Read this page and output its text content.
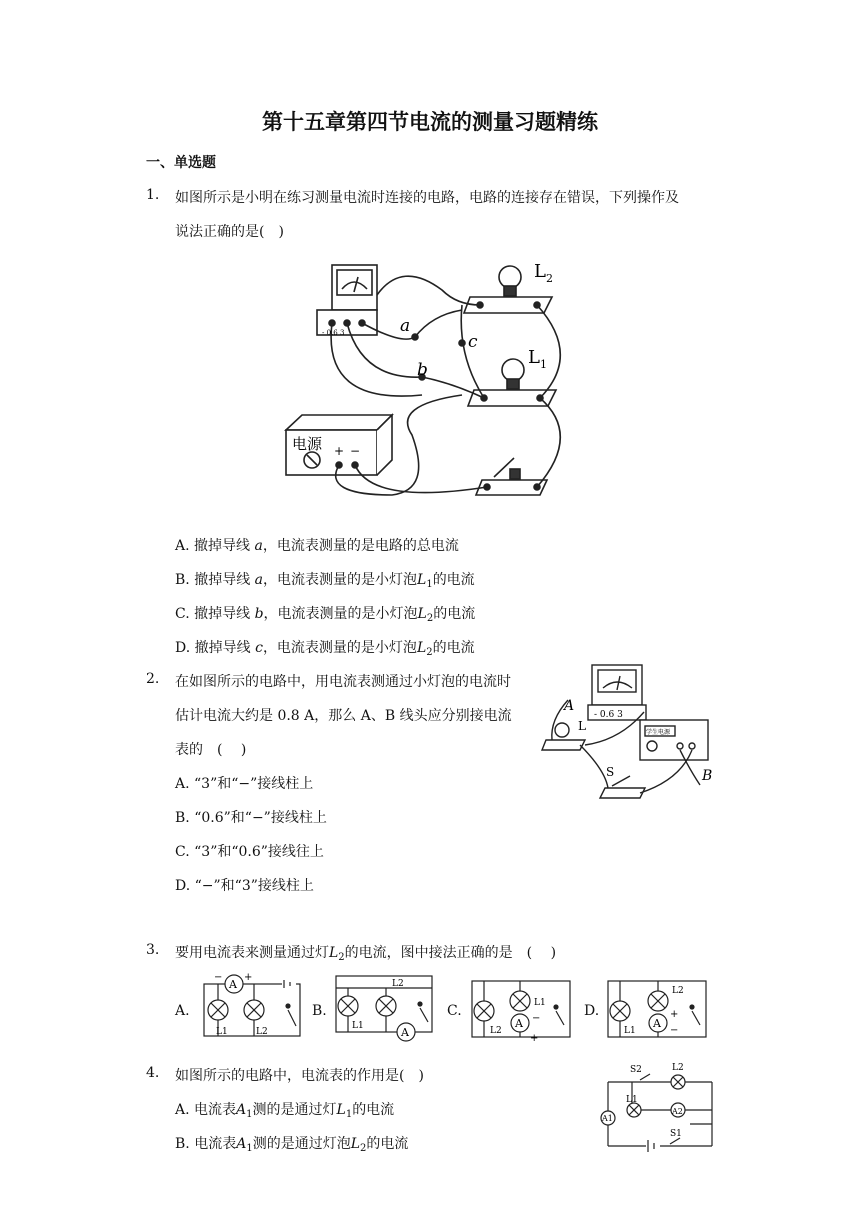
第十五章第四节电流的测量习题精练
一、单选题
1. 如图所示是小明在练习测量电流时连接的电路，电路的连接存在错误，下列操作及
说法正确的是(　)
$L_2$
$L_1$
a
b
c
电源 + −
- 0.6 3
A. 撤掉导线 a，电流表测量的是电路的总电流
B. 撤掉导线 a，电流表测量的是小灯泡$L_1$的电流
C. 撤掉导线 b，电流表测量的是小灯泡$L_2$的电流
D. 撤掉导线 c，电流表测量的是小灯泡$L_2$的电流
2. 在如图所示的电路中，用电流表测通过小灯泡的电流时
估计电流大约是 0.8 A，那么 A、B 线头应分别接电流
表的　(　 )
A
B
L
S
- 0.6 3
学生电源
A. “3”和“−”接线柱上
B. “0.6”和“−”接线柱上
C. “3”和“0.6”接线往上
D. “−”和“3”接线柱上
3. 要用电流表来测量通过灯$L_2$的电流，图中接法正确的是　(　 )
A.	B.	C.	D.
A
− +
L1	L2	A
L1
L2
A
L1
L2
+
−	A
L1
L2
+
−
4. 如图所示的电路中，电流表的作用是(　)
A. 电流表$A_1$测的是通过灯$L_1$的电流
B. 电流表$A_1$测的是通过灯泡$L_2$的电流
S2	L2
L1
A2
A1
S1
